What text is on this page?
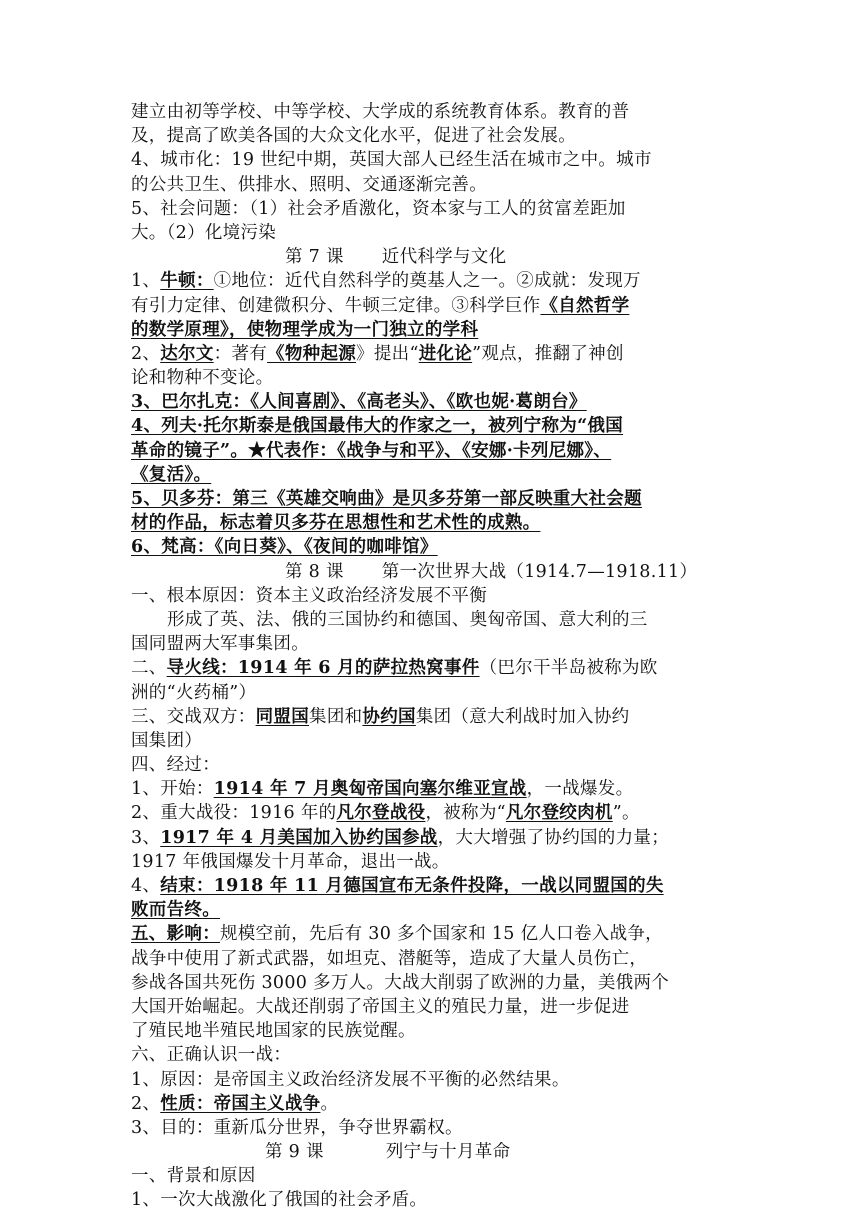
建立由初等学校、中等学校、大学成的系统教育体系。教育的普
及，提高了欧美各国的大众文化水平，促进了社会发展。
4、城市化：19 世纪中期，英国大部人已经生活在城市之中。城市
的公共卫生、供排水、照明、交通逐渐完善。
5、社会问题：（1）社会矛盾激化，资本家与工人的贫富差距加
大。（2）化境污染
第 7 课 近代科学与文化
1、牛顿：①地位：近代自然科学的奠基人之一。②成就：发现万
有引力定律、创建微积分、牛顿三定律。③科学巨作《自然哲学
的数学原理》，使物理学成为一门独立的学科
2、达尔文：著有《物种起源》提出“进化论”观点，推翻了神创
论和物种不变论。
3、巴尔扎克：《人间喜剧》、《高老头》、《欧也妮·葛朗台》
4、列夫·托尔斯泰是俄国最伟大的作家之一，被列宁称为“俄国
革命的镜子”。★代表作：《战争与和平》、《安娜·卡列尼娜》、
《复活》。
5、贝多芬：第三《英雄交响曲》是贝多芬第一部反映重大社会题
材的作品，标志着贝多芬在思想性和艺术性的成熟。
6、梵高：《向日葵》、《夜间的咖啡馆》
第 8 课 第一次世界大战（1914.7—1918.11）
一、根本原因：资本主义政治经济发展不平衡
形成了英、法、俄的三国协约和德国、奥匈帝国、意大利的三
国同盟两大军事集团。
二、导火线：1914 年 6 月的萨拉热窝事件（巴尔干半岛被称为欧
洲的“火药桶”）
三、交战双方：同盟国集团和协约国集团（意大利战时加入协约
国集团）
四、经过：
1、开始：1914 年 7 月奥匈帝国向塞尔维亚宣战，一战爆发。
2、重大战役：1916 年的凡尔登战役，被称为“凡尔登绞肉机”。
3、1917 年 4 月美国加入协约国参战，大大增强了协约国的力量；
1917 年俄国爆发十月革命，退出一战。
4、结束：1918 年 11 月德国宣布无条件投降，一战以同盟国的失
败而告终。
五、影响：规模空前，先后有 30 多个国家和 15 亿人口卷入战争，
战争中使用了新式武器，如坦克、潜艇等，造成了大量人员伤亡，
参战各国共死伤 3000 多万人。大战大削弱了欧洲的力量，美俄两个
大国开始崛起。大战还削弱了帝国主义的殖民力量，进一步促进
了殖民地半殖民地国家的民族觉醒。
六、正确认识一战：
1、原因：是帝国主义政治经济发展不平衡的必然结果。
2、性质：帝国主义战争。
3、目的：重新瓜分世界，争夺世界霸权。
第 9 课	列宁与十月革命
一、背景和原因
1、一次大战激化了俄国的社会矛盾。
